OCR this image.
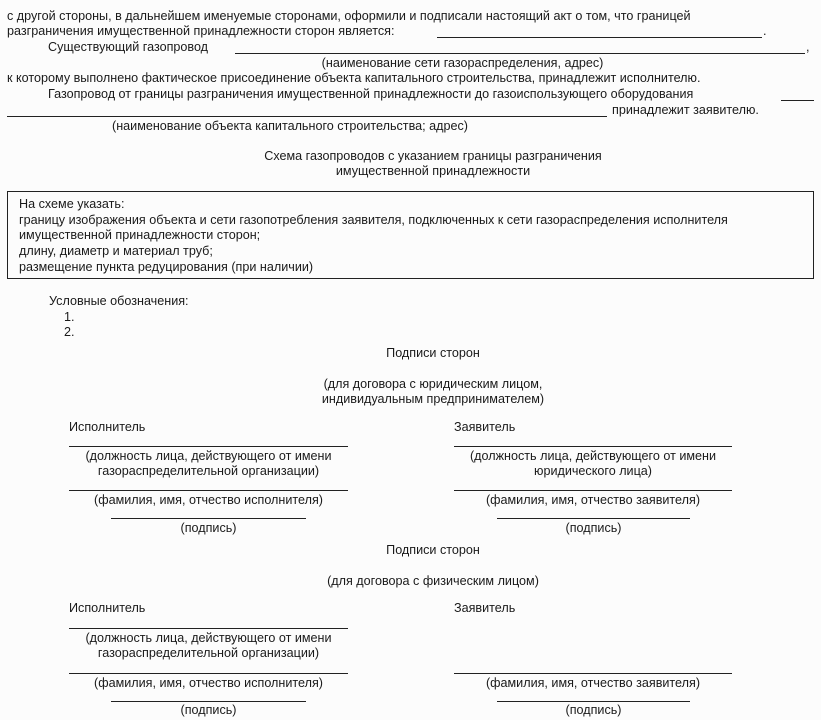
с другой стороны, в дальнейшем именуемые сторонами, оформили и подписали настоящий акт о том, что границей
разграничения имущественной принадлежности сторон является:	.
Существующий газопровод	,
(наименование сети газораспределения, адрес)
к которому выполнено фактическое присоединение объекта капитального строительства, принадлежит исполнителю.
Газопровод от границы разграничения имущественной принадлежности до газоиспользующего оборудования
принадлежит заявителю.
(наименование объекта капитального строительства; адрес)
Схема газопроводов с указанием границы разграничения
имущественной принадлежности
На схеме указать:
границу изображения объекта и сети газопотребления заявителя, подключенных к сети газораспределения исполнителя
имущественной принадлежности сторон;
длину, диаметр и материал труб;
размещение пункта редуцирования (при наличии)
Условные обозначения:
1.
2.
Подписи сторон
(для договора с юридическим лицом,
индивидуальным предпринимателем)
Исполнитель
(должность лица, действующего от имени
газораспределительной организации)
(фамилия, имя, отчество исполнителя)
(подпись)
Заявитель
(должность лица, действующего от имени
юридического лица)
(фамилия, имя, отчество заявителя)
(подпись)
Подписи сторон
(для договора с физическим лицом)
Исполнитель
(должность лица, действующего от имени
газораспределительной организации)
(фамилия, имя, отчество исполнителя)
(подпись)
Заявитель
(фамилия, имя, отчество заявителя)
(подпись)
